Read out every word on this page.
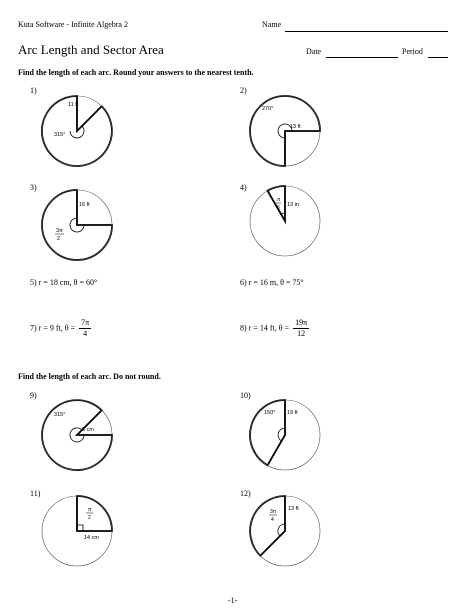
Kuta Software - Infinite Algebra 2	Name
Arc Length and Sector Area	Date	Period
Find the length of each arc. Round your answers to the nearest tenth.
1)	2)
3)	4)
11 ft
315°
270°
13 ft
16 ft
3π
2
13 in
π
6
5) r = 18 cm, θ = 60°	6) r = 16 m, θ = 75°
7) r = 9 ft, $\theta = \frac{7\pi}{4}$	8) r = 14 ft, $\theta = \frac{19\pi}{12}$
Find the length of each arc. Do not round.
9)	10)
11)	12)
315°
8 cm
150° 19 ft
π
2
14 cm
3π
4
13 ft
-1-
